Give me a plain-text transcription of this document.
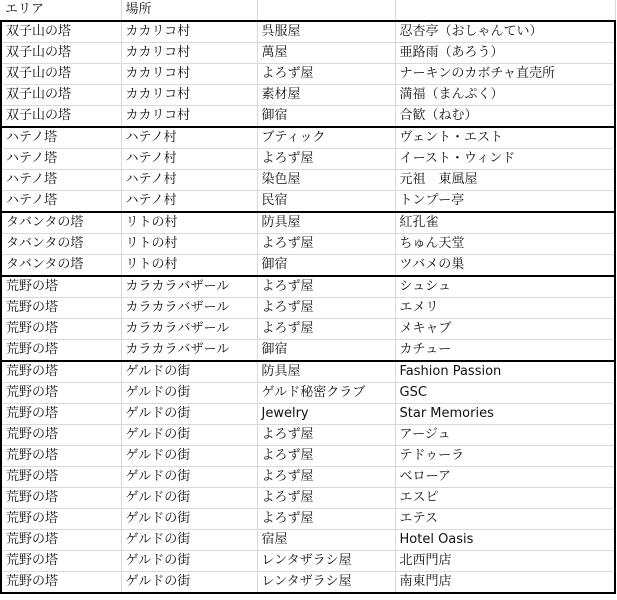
エリア	場所		
双子山の塔	カカリコ村	呉服屋	忍杏亭（おしゃんてい）
双子山の塔	カカリコ村	萬屋	亜路雨（あろう）
双子山の塔	カカリコ村	よろず屋	ナーキンのカボチャ直売所
双子山の塔	カカリコ村	素材屋	満福（まんぷく）
双子山の塔	カカリコ村	御宿	合歓（ねむ）
ハテノ塔	ハテノ村	ブティック	ヴェント・エスト
ハテノ塔	ハテノ村	よろず屋	イースト・ウィンド
ハテノ塔	ハテノ村	染色屋	元祖　東風屋
ハテノ塔	ハテノ村	民宿	トンプー亭
タバンタの塔	リトの村	防具屋	紅孔雀
タバンタの塔	リトの村	よろず屋	ちゅん天堂
タバンタの塔	リトの村	御宿	ツバメの巣
荒野の塔	カラカラバザール	よろず屋	シュシュ
荒野の塔	カラカラバザール	よろず屋	エメリ
荒野の塔	カラカラバザール	よろず屋	メキャブ
荒野の塔	カラカラバザール	御宿	カチュー
荒野の塔	ゲルドの街	防具屋	Fashion Passion
荒野の塔	ゲルドの街	ゲルド秘密クラブ	GSC
荒野の塔	ゲルドの街	Jewelry	Star Memories
荒野の塔	ゲルドの街	よろず屋	アージュ
荒野の塔	ゲルドの街	よろず屋	テドゥーラ
荒野の塔	ゲルドの街	よろず屋	ベローア
荒野の塔	ゲルドの街	よろず屋	エスピ
荒野の塔	ゲルドの街	よろず屋	エテス
荒野の塔	ゲルドの街	宿屋	Hotel Oasis
荒野の塔	ゲルドの街	レンタザラシ屋	北西門店
荒野の塔	ゲルドの街	レンタザラシ屋	南東門店
